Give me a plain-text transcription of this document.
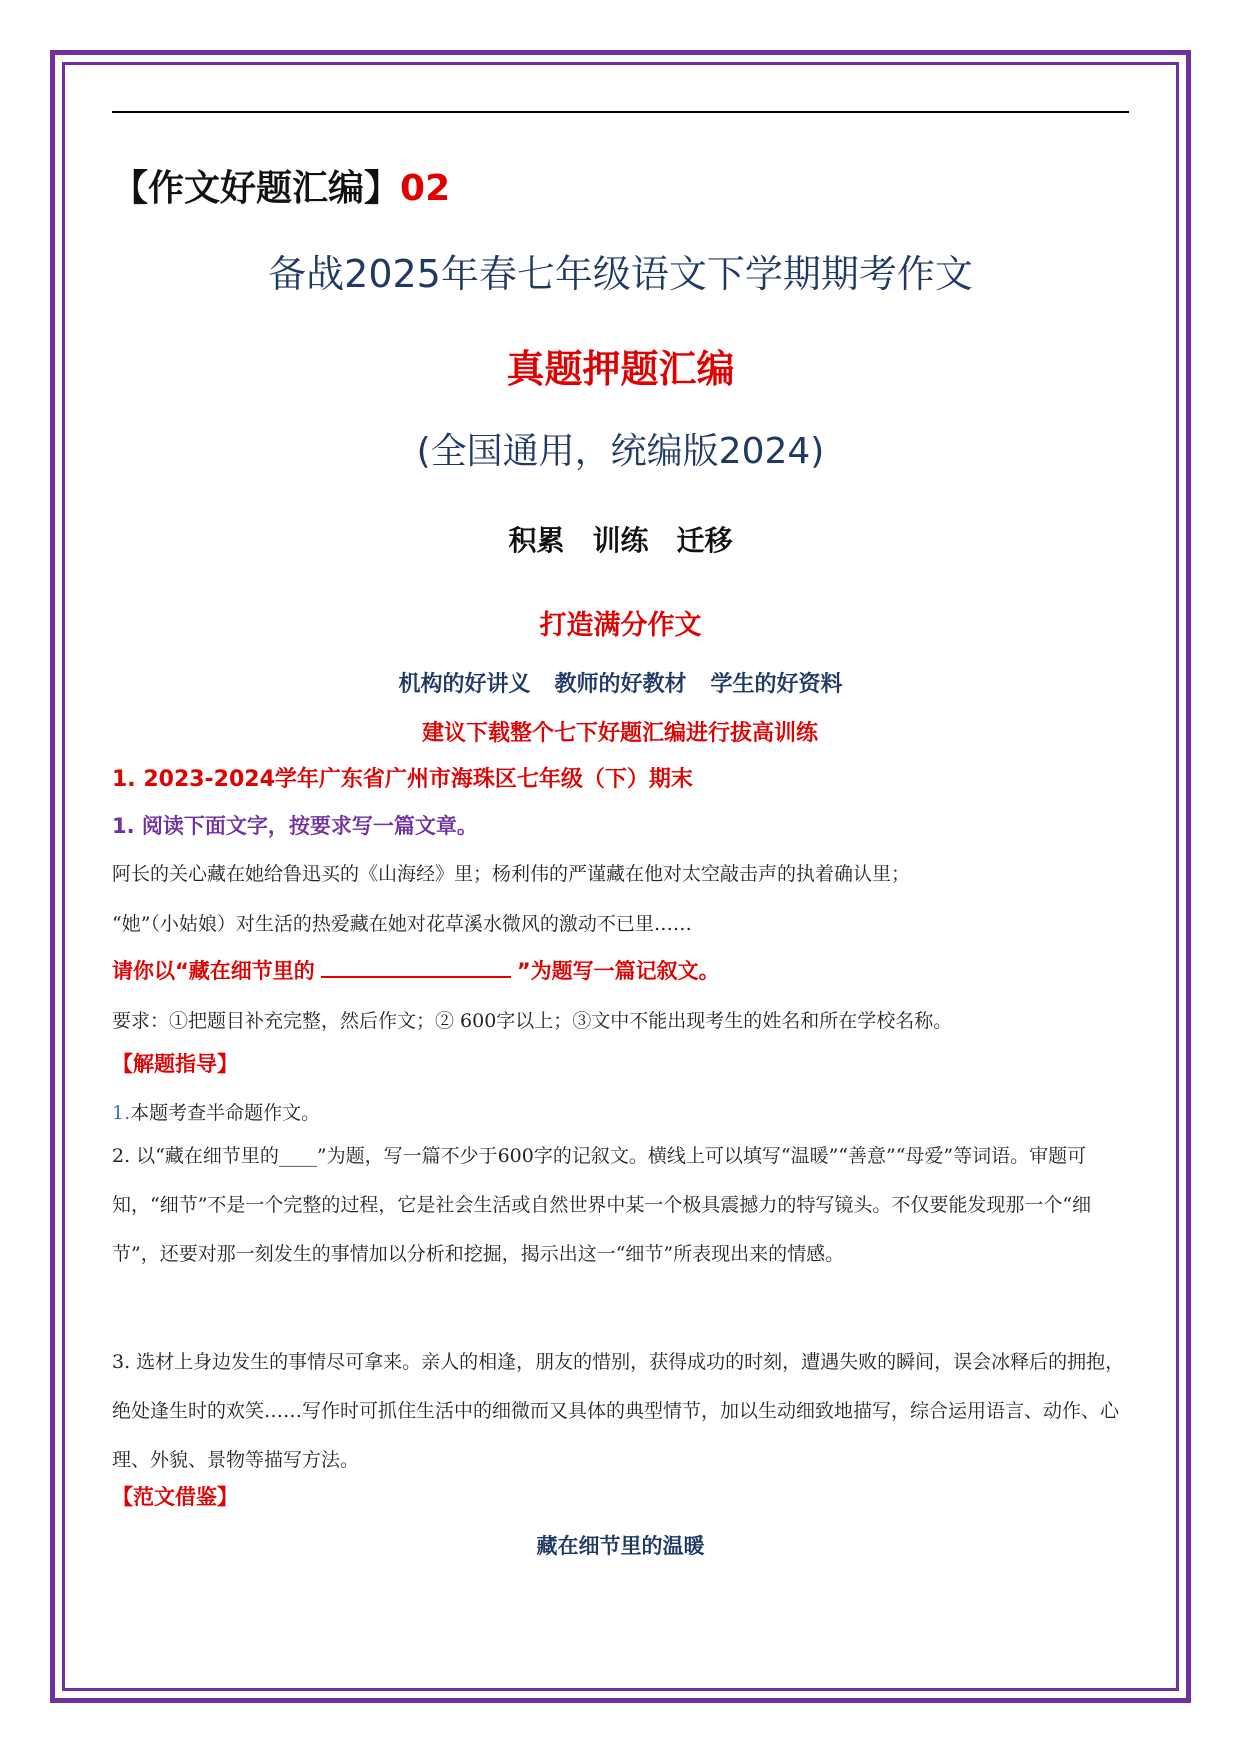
【作文好题汇编】02
备战2025年春七年级语文下学期期考作文
真题押题汇编
(全国通用，统编版2024)
积累 训练 迁移
打造满分作文
机构的好讲义 教师的好教材 学生的好资料
建议下载整个七下好题汇编进行拔高训练
1. 2023-2024学年广东省广州市海珠区七年级（下）期末
1. 阅读下面文字，按要求写一篇文章。
阿长的关心藏在她给鲁迅买的《山海经》里；杨利伟的严谨藏在他对太空敲击声的执着确认里；
“她”（小姑娘）对生活的热爱藏在她对花草溪水微风的激动不已里……
请你以“藏在细节里的	”为题写一篇记叙文。
要求：①把题目补充完整，然后作文；② 600字以上；③文中不能出现考生的姓名和所在学校名称。
【解题指导】
1.本题考查半命题作文。
2. 以“藏在细节里的____”为题，写一篇不少于600字的记叙文。横线上可以填写“温暖”“善意”“母爱”等词语。审题可知，“细节”不是一个完整的过程，它是社会生活或自然世界中某一个极具震撼力的特写镜头。不仅要能发现那一个“细节”，还要对那一刻发生的事情加以分析和挖掘，揭示出这一“细节”所表现出来的情感。
3. 选材上身边发生的事情尽可拿来。亲人的相逢，朋友的惜别，获得成功的时刻，遭遇失败的瞬间，误会冰释后的拥抱，绝处逢生时的欢笑……写作时可抓住生活中的细微而又具体的典型情节，加以生动细致地描写，综合运用语言、动作、心理、外貌、景物等描写方法。
【范文借鉴】
藏在细节里的温暖
